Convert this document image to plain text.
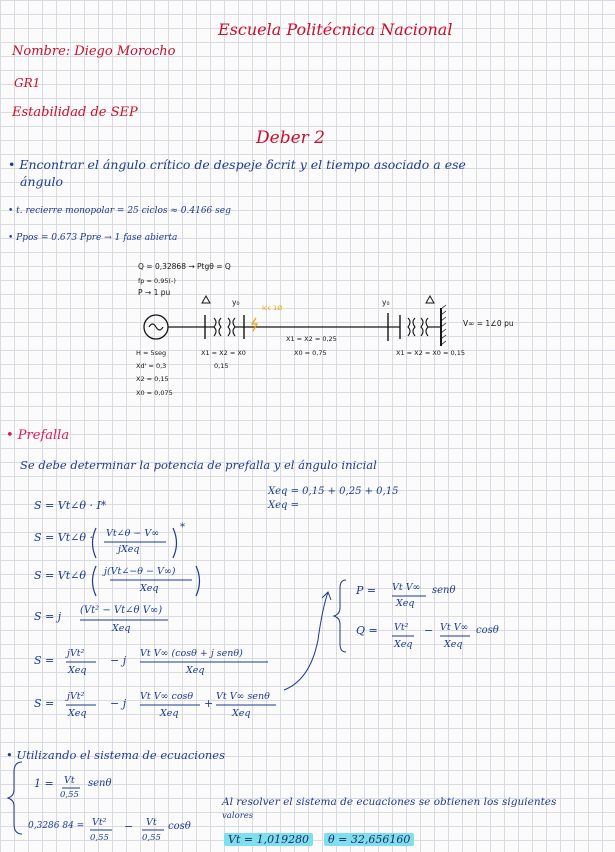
Escuela Politécnica Nacional
Nombre: Diego Morocho
GR1
Estabilidad de SEP
Deber 2
• Encontrar el ángulo crítico de despeje δcrit y el tiempo asociado a ese
ángulo
• t. recierre monopolar = 25 ciclos ≈ 0.4166 seg
• Ppos = 0.673 Ppre → 1 fase abierta
Q = 0,32868 → Ptgθ = Q
fp = 0,95(-)
P → 1 pu
Icc 1Ø
y₀	y₀
V∞ = 1∠0 pu
H = 5seg
Xd' = 0,3
X2 = 0,15
X0 = 0,075
X1 = X2 = X0
0,15
X1 = X2 = 0,25
X0 = 0,75	X1 = X2 = X0 = 0,15
• Prefalla
Se debe determinar la potencia de prefalla y el ángulo inicial
Xeq = 0,15 + 0,25 + 0,15
Xeq =
S = Vt∠θ · I*
S = Vt∠θ · Vt∠θ − V∞
jXeq
*
S = Vt∠θ j(Vt∠−θ − V∞)
Xeq
S = j (Vt² − Vt∠θ V∞)
Xeq
S =
jVt²
Xeq
− j
Vt V∞ (cosθ + j senθ)
Xeq
S =
jVt²
Xeq
− j
Vt V∞ cosθ
Xeq
+
Vt V∞ senθ
Xeq
P = Vt V∞
Xeq
senθ
Q = Vt²
Xeq
− Vt V∞
Xeq
cosθ
• Utilizando el sistema de ecuaciones
1 = Vt
0,55
senθ
0,3286 84 = Vt²
0,55
− Vt
0,55
cosθ
Al resolver el sistema de ecuaciones se obtienen los siguientes
valores
Vt = 1,019280	θ = 32,656160
